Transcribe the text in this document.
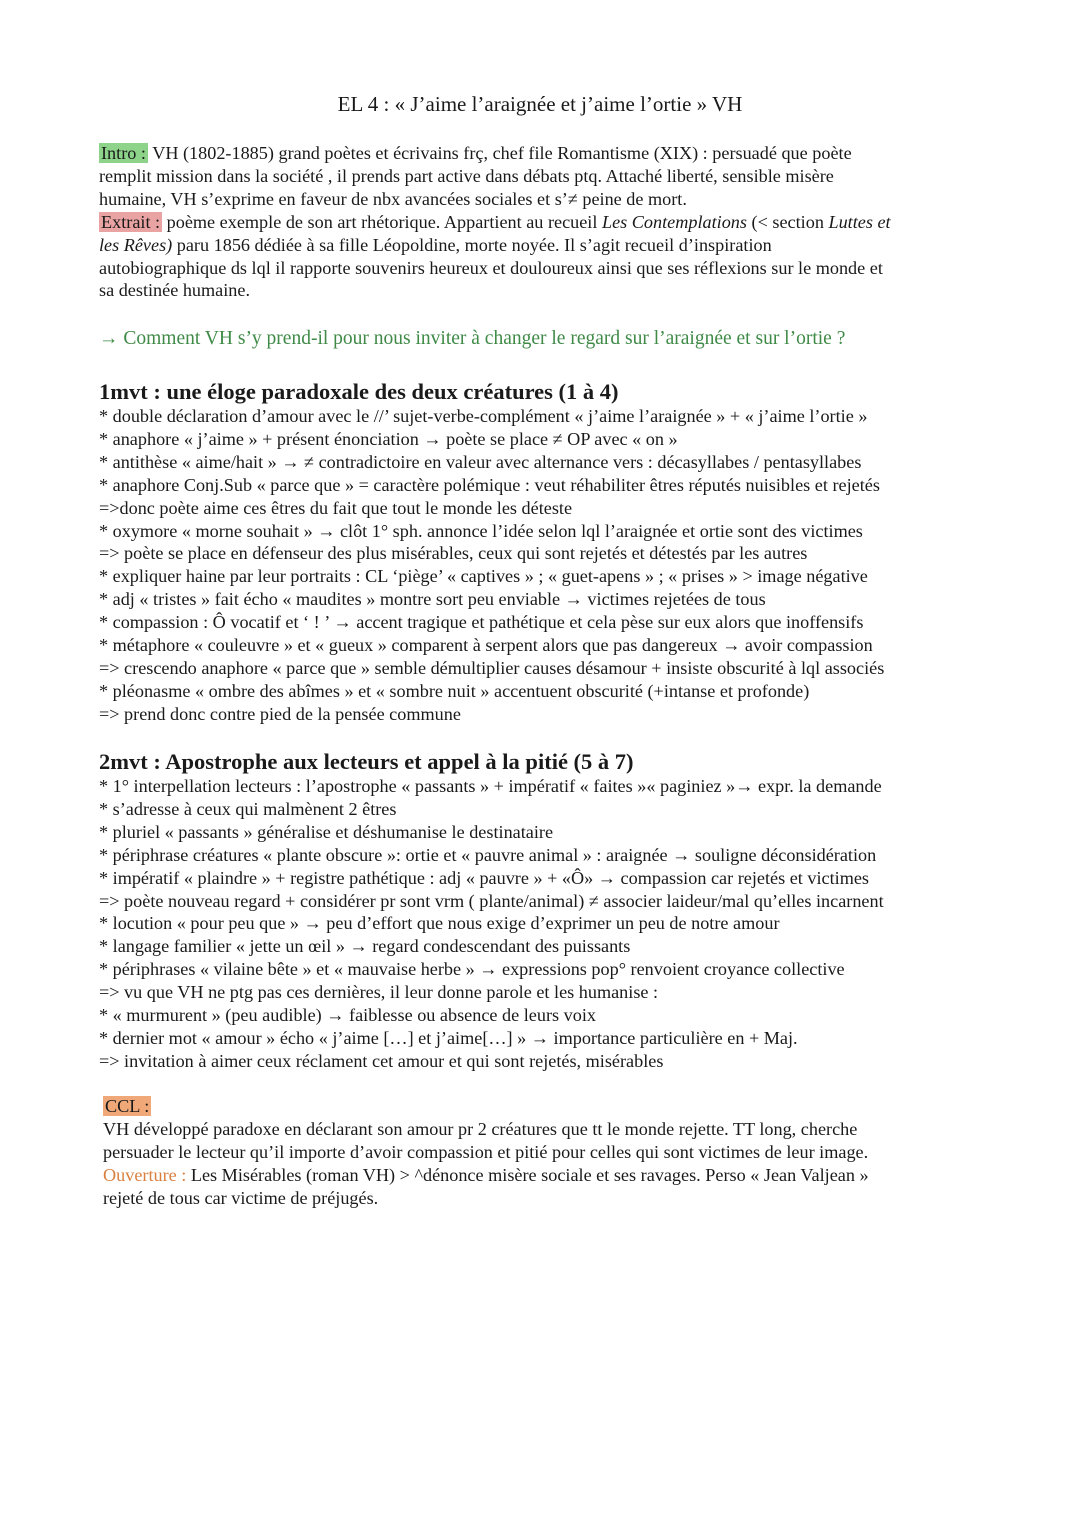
EL 4 : « J’aime l’araignée et j’aime l’ortie » VH
Intro : VH (1802-1885) grand poètes et écrivains frç, chef file Romantisme (XIX) : persuadé que poète
remplit mission dans la société , il prends part active dans débats ptq. Attaché liberté, sensible misère
humaine, VH s’exprime en faveur de nbx avancées sociales et s’≠ peine de mort.
Extrait : poème exemple de son art rhétorique. Appartient au recueil Les Contemplations (< section Luttes et
les Rêves) paru 1856 dédiée à sa fille Léopoldine, morte noyée. Il s’agit recueil d’inspiration
autobiographique ds lql il rapporte souvenirs heureux et douloureux ainsi que ses réflexions sur le monde et
sa destinée humaine.
→ Comment VH s’y prend-il pour nous inviter à changer le regard sur l’araignée et sur l’ortie ?
1mvt : une éloge paradoxale des deux créatures (1 à 4)
* double déclaration d’amour avec le //’ sujet-verbe-complément « j’aime l’araignée » + « j’aime l’ortie »
* anaphore « j’aime » + présent énonciation → poète se place ≠ OP avec « on »
* antithèse « aime/hait » → ≠ contradictoire en valeur avec alternance vers : décasyllabes / pentasyllabes
* anaphore Conj.Sub « parce que » = caractère polémique : veut réhabiliter êtres réputés nuisibles et rejetés
=>donc poète aime ces êtres du fait que tout le monde les déteste
* oxymore « morne souhait » → clôt 1° sph. annonce l’idée selon lql l’araignée et ortie sont des victimes
=> poète se place en défenseur des plus misérables, ceux qui sont rejetés et détestés par les autres
* expliquer haine par leur portraits : CL ‘piège’ « captives » ; « guet-apens » ; « prises » > image négative
* adj « tristes » fait écho « maudites » montre sort peu enviable → victimes rejetées de tous
* compassion : Ô vocatif et ‘ ! ’ → accent tragique et pathétique et cela pèse sur eux alors que inoffensifs
* métaphore « couleuvre » et « gueux » comparent à serpent alors que pas dangereux → avoir compassion
=> crescendo anaphore « parce que » semble démultiplier causes désamour + insiste obscurité à lql associés
* pléonasme « ombre des abîmes » et « sombre nuit » accentuent obscurité (+intanse et profonde)
=> prend donc contre pied de la pensée commune
2mvt : Apostrophe aux lecteurs et appel à la pitié (5 à 7)
* 1° interpellation lecteurs : l’apostrophe « passants » + impératif « faites »« paginiez »→ expr. la demande
* s’adresse à ceux qui malmènent 2 êtres
* pluriel « passants » généralise et déshumanise le destinataire
* périphrase créatures « plante obscure »: ortie et « pauvre animal » : araignée → souligne déconsidération
* impératif « plaindre » + registre pathétique : adj « pauvre » + «Ô» → compassion car rejetés et victimes
=> poète nouveau regard + considérer pr sont vrm ( plante/animal) ≠ associer laideur/mal qu’elles incarnent
* locution « pour peu que » → peu d’effort que nous exige d’exprimer un peu de notre amour
* langage familier « jette un œil » → regard condescendant des puissants
* périphrases « vilaine bête » et « mauvaise herbe » → expressions pop° renvoient croyance collective
=> vu que VH ne ptg pas ces dernières, il leur donne parole et les humanise :
* « murmurent » (peu audible) → faiblesse ou absence de leurs voix
* dernier mot « amour » écho « j’aime […] et j’aime[…] » → importance particulière en + Maj.
=> invitation à aimer ceux réclament cet amour et qui sont rejetés, misérables
CCL :
VH développé paradoxe en déclarant son amour pr 2 créatures que tt le monde rejette. TT long, cherche
persuader le lecteur qu’il importe d’avoir compassion et pitié pour celles qui sont victimes de leur image.
Ouverture : Les Misérables (roman VH) > ^dénonce misère sociale et ses ravages. Perso « Jean Valjean »
rejeté de tous car victime de préjugés.
